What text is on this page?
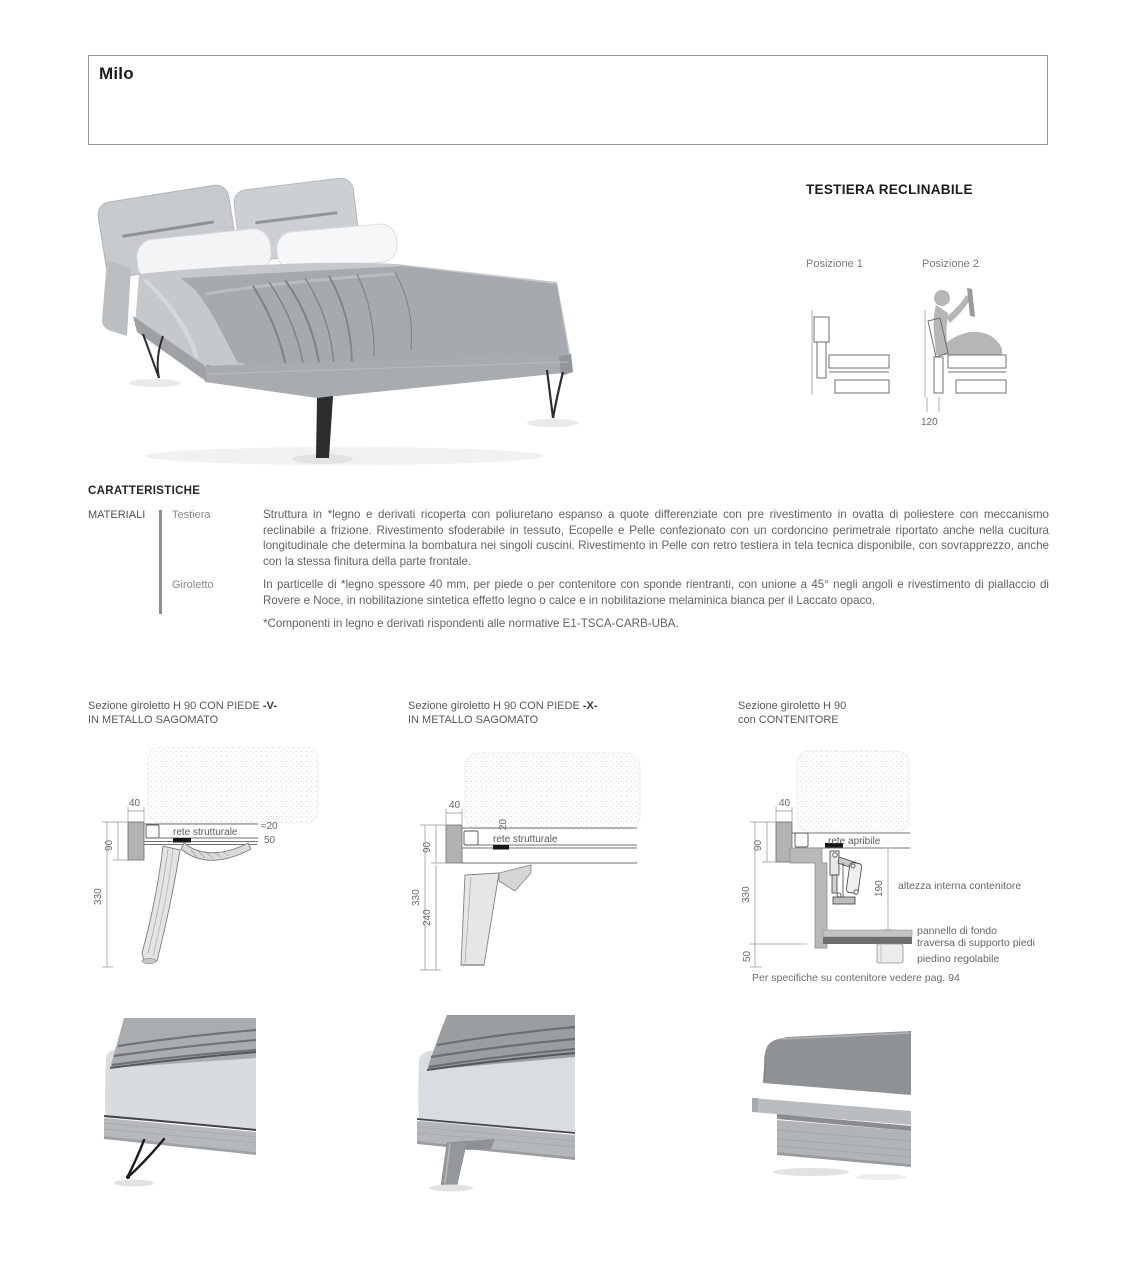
Milo
TESTIERA RECLINABILE
Posizione 1	Posizione 2
120
CARATTERISTICHE
MATERIALI Testiera
Giroletto
Struttura in *legno e derivati ricoperta con poliuretano espanso a quote differenziate con pre rivestimento in ovatta di poliestere con meccanismo reclinabile a frizione. Rivestimento sfoderabile in tessuto, Ecopelle e Pelle confezionato con un cordoncino perimetrale riportato anche nella cucitura longitudinale che determina la bombatura nei singoli cuscini. Rivestimento in Pelle con retro testiera in tela tecnica disponibile, con sovrapprezzo, anche con la stessa finitura della parte frontale.
In particelle di *legno spessore 40 mm, per piede o per contenitore con sponde rientranti, con unione a 45° negli angoli e rivestimento di piallaccio di Rovere e Noce, in nobilitazione sintetica effetto legno o calce e in nobilitazione melaminica bianca per il Laccato opaco.
*Componenti in legno e derivati rispondenti alle normative E1-TSCA-CARB-UBA.
Sezione giroletto H 90 CON PIEDE -V-
IN METALLO SAGOMATO
Sezione giroletto H 90 CON PIEDE -X-
IN METALLO SAGOMATO
Sezione giroletto H 90
con CONTENITORE
40
90
330
rete strutturale
≈20
50
40
20
90
330
240
rete strutturale
40
90
330
rete apribile
190 altezza interna contenitore
50
pannello di fondo
traversa di supporto piedi
piedino regolabile
Per specifiche su contenitore vedere pag. 94
